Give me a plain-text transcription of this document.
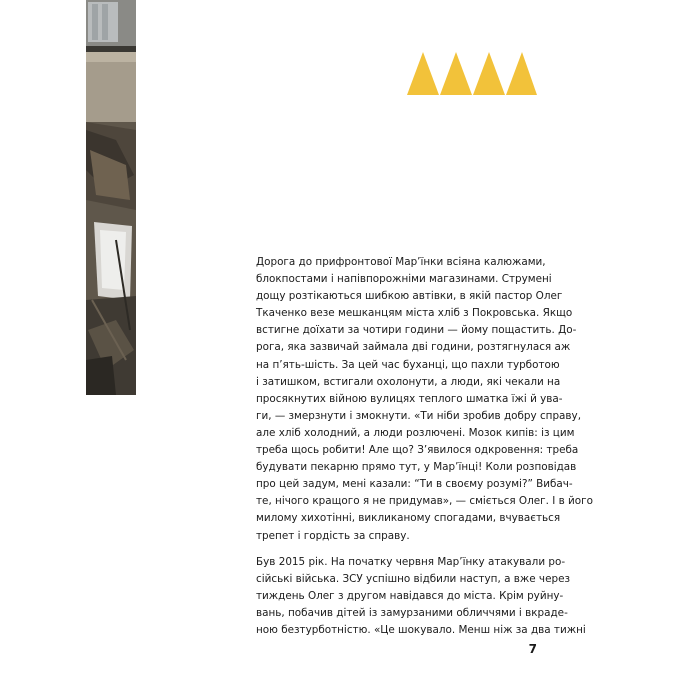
Дорога до прифронтової Мар’їнки всіяна калюжами,
блокпостами і напівпорожніми магазинами. Струмені
дощу розтікаються шибкою автівки, в якій пастор Олег
Ткаченко везе мешканцям міста хліб з Покровська. Якщо
встигне доїхати за чотири години — йому пощастить. До-
рога, яка зазвичай займала дві години, розтягнулася аж
на п’ять-шість. За цей час буханці, що пахли турботою
і затишком, встигали охолонути, а люди, які чекали на
просякнутих війною вулицях теплого шматка їжі й ува-
ги, — змерзнути і змокнути. «Ти ніби зробив добру справу,
але хліб холодний, а люди розлючені. Мозок кипів: із цим
треба щось робити! Але що? З’явилося одкровення: треба
будувати пекарню прямо тут, у Мар’їнці! Коли розповідав
про цей задум, мені казали: “Ти в своєму розумі?” Вибач-
те, нічого кращого я не придумав», — сміється Олег. І в його
милому хихотінні, викликаному спогадами, вчувається
трепет і гордість за справу.

Був 2015 рік. На початку червня Мар’їнку атакували ро-
сійські війська. ЗСУ успішно відбили наступ, а вже через
тиждень Олег з другом навідався до міста. Крім руйну-
вань, побачив дітей із замурзаними обличчями і вкраде-
ною безтурботністю. «Це шокувало. Менш ніж за два тижні

7
